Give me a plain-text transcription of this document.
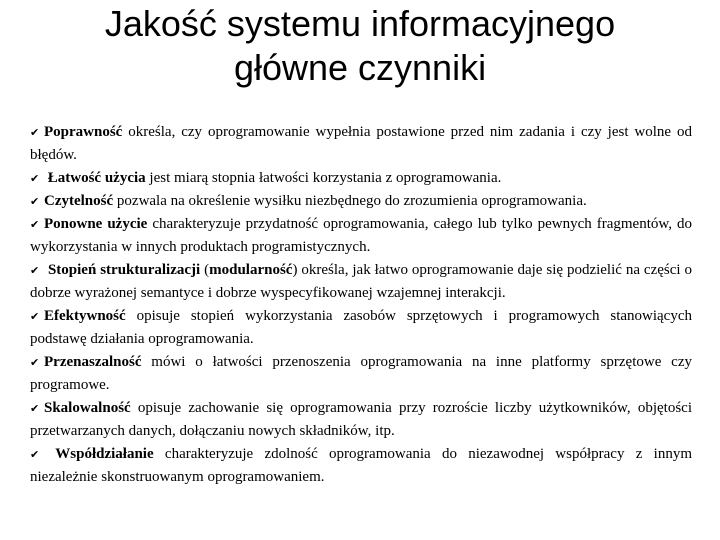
Jakość systemu informacyjnego
główne czynniki
✔ Poprawność określa, czy oprogramowanie wypełnia postawione przed nim zadania i czy jest wolne od błędów.
✔ Łatwość użycia jest miarą stopnia łatwości korzystania z oprogramowania.
✔ Czytelność pozwala na określenie wysiłku niezbędnego do zrozumienia oprogramowania.
✔ Ponowne użycie charakteryzuje przydatność oprogramowania, całego lub tylko pewnych fragmentów, do wykorzystania w innych produktach programistycznych.
✔ Stopień strukturalizacji (modularność) określa, jak łatwo oprogramowanie daje się podzielić na części o dobrze wyrażonej semantyce i dobrze wyspecyfikowanej wzajemnej interakcji.
✔ Efektywność opisuje stopień wykorzystania zasobów sprzętowych i programowych stanowiących podstawę działania oprogramowania.
✔ Przenaszalność mówi o łatwości przenoszenia oprogramowania na inne platformy sprzętowe czy programowe.
✔ Skalowalność opisuje zachowanie się oprogramowania przy rozroście liczby użytkowników, objętości przetwarzanych danych, dołączaniu nowych składników, itp.
✔ Współdziałanie charakteryzuje zdolność oprogramowania do niezawodnej współpracy z innym niezależnie skonstruowanym oprogramowaniem.
